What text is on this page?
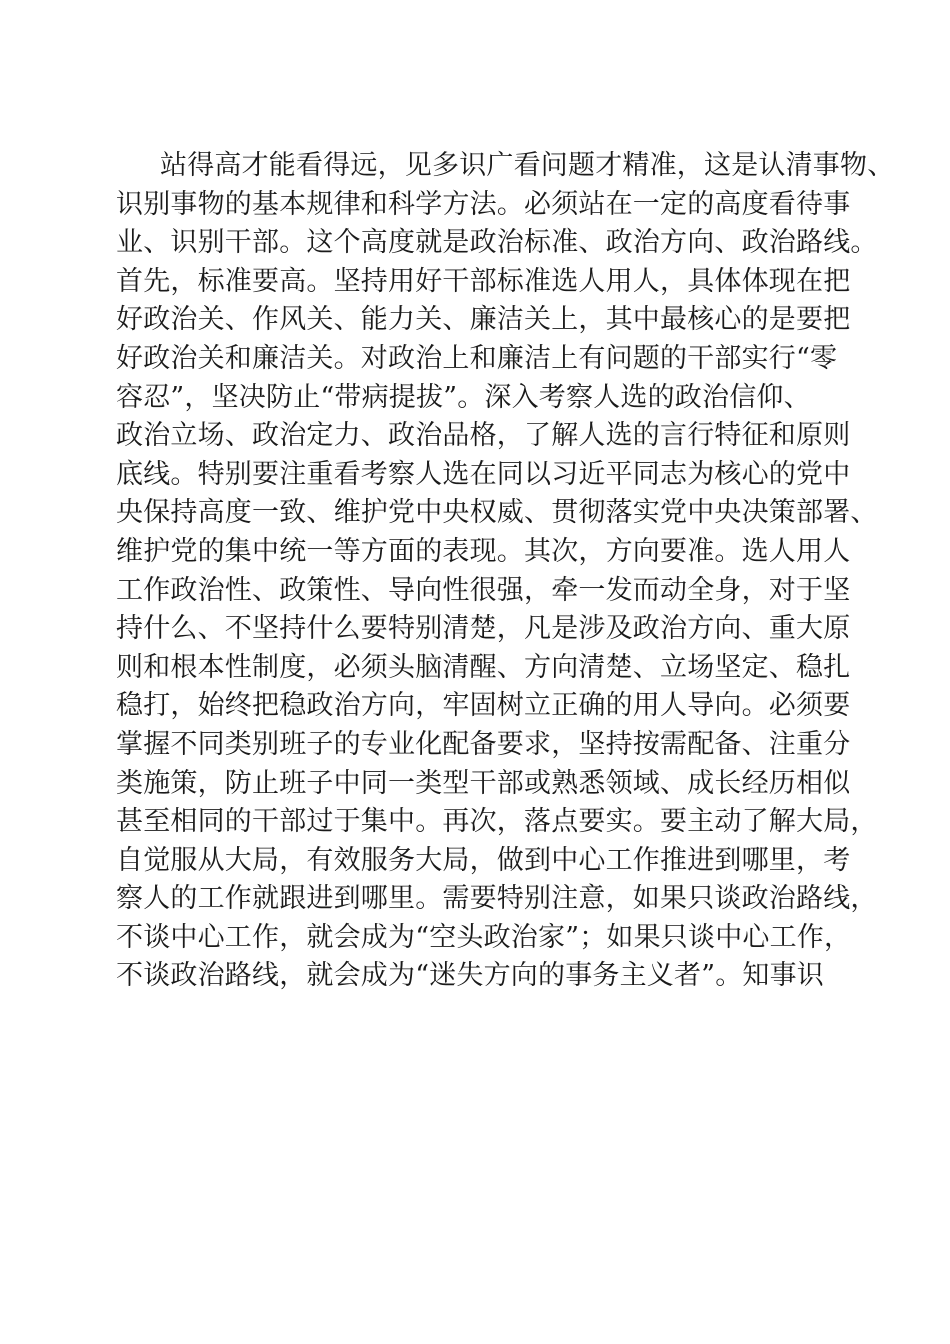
站得高才能看得远，见多识广看问题才精准，这是认清事物、
识别事物的基本规律和科学方法。必须站在一定的高度看待事
业、识别干部。这个高度就是政治标准、政治方向、政治路线。
首先，标准要高。坚持用好干部标准选人用人，具体体现在把
好政治关、作风关、能力关、廉洁关上，其中最核心的是要把
好政治关和廉洁关。对政治上和廉洁上有问题的干部实行“零
容忍”，坚决防止“带病提拔”。深入考察人选的政治信仰、
政治立场、政治定力、政治品格，了解人选的言行特征和原则
底线。特别要注重看考察人选在同以习近平同志为核心的党中
央保持高度一致、维护党中央权威、贯彻落实党中央决策部署、
维护党的集中统一等方面的表现。其次，方向要准。选人用人
工作政治性、政策性、导向性很强，牵一发而动全身，对于坚
持什么、不坚持什么要特别清楚，凡是涉及政治方向、重大原
则和根本性制度，必须头脑清醒、方向清楚、立场坚定、稳扎
稳打，始终把稳政治方向，牢固树立正确的用人导向。必须要
掌握不同类别班子的专业化配备要求，坚持按需配备、注重分
类施策，防止班子中同一类型干部或熟悉领域、成长经历相似
甚至相同的干部过于集中。再次，落点要实。要主动了解大局，
自觉服从大局，有效服务大局，做到中心工作推进到哪里，考
察人的工作就跟进到哪里。需要特别注意，如果只谈政治路线，
不谈中心工作，就会成为“空头政治家”；如果只谈中心工作，
不谈政治路线，就会成为“迷失方向的事务主义者”。知事识
